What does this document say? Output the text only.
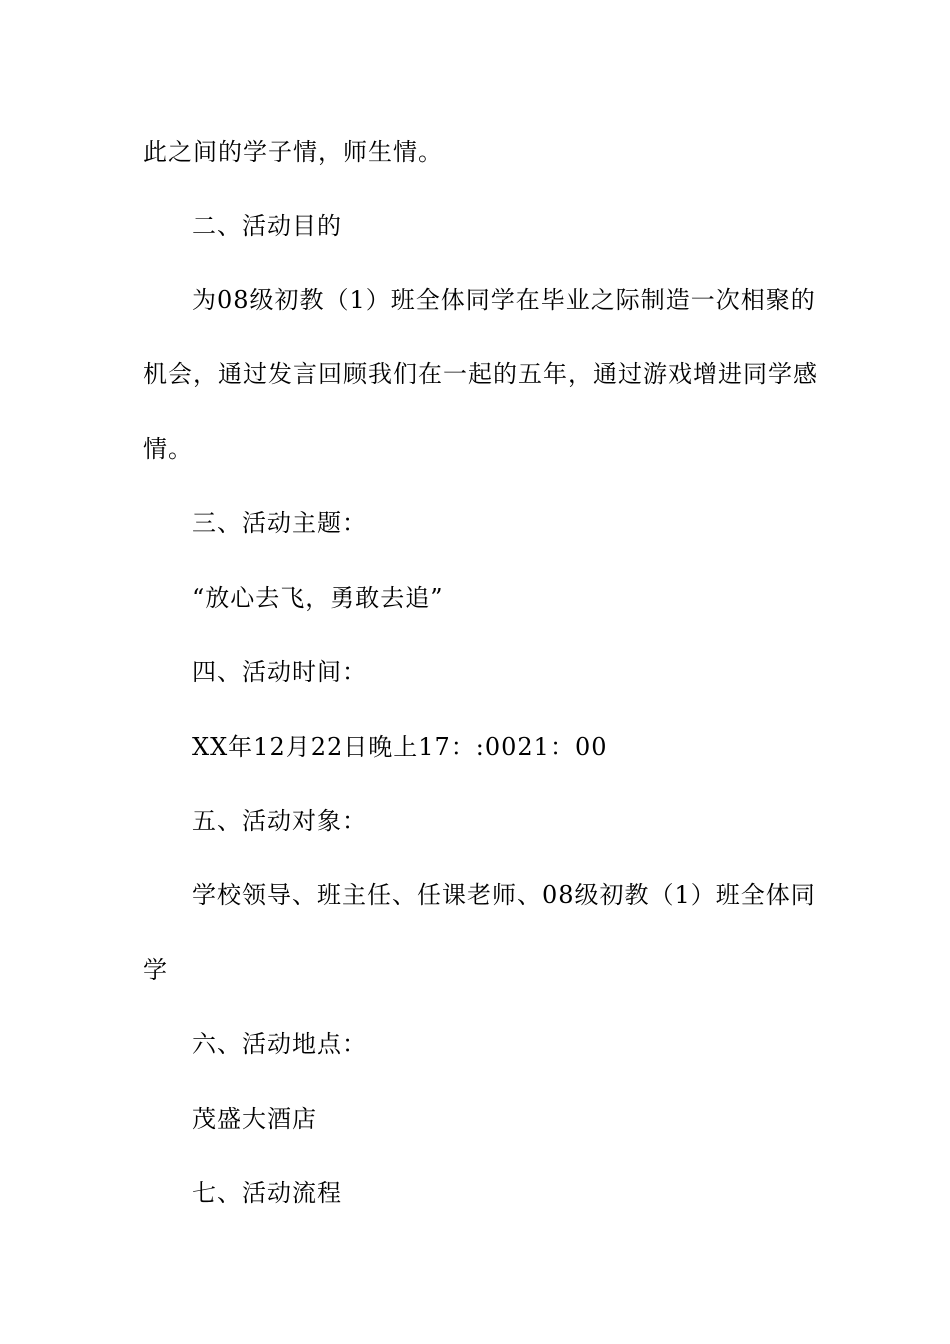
此之间的学子情，师生情。
二、活动目的
为08级初教（1）班全体同学在毕业之际制造一次相聚的
机会，通过发言回顾我们在一起的五年，通过游戏增进同学感
情。
三、活动主题：
“放心去飞，勇敢去追”
四、活动时间：
XX年12月22日晚上17：:0021：00
五、活动对象：
学校领导、班主任、任课老师、08级初教（1）班全体同
学
六、活动地点：
茂盛大酒店
七、活动流程
